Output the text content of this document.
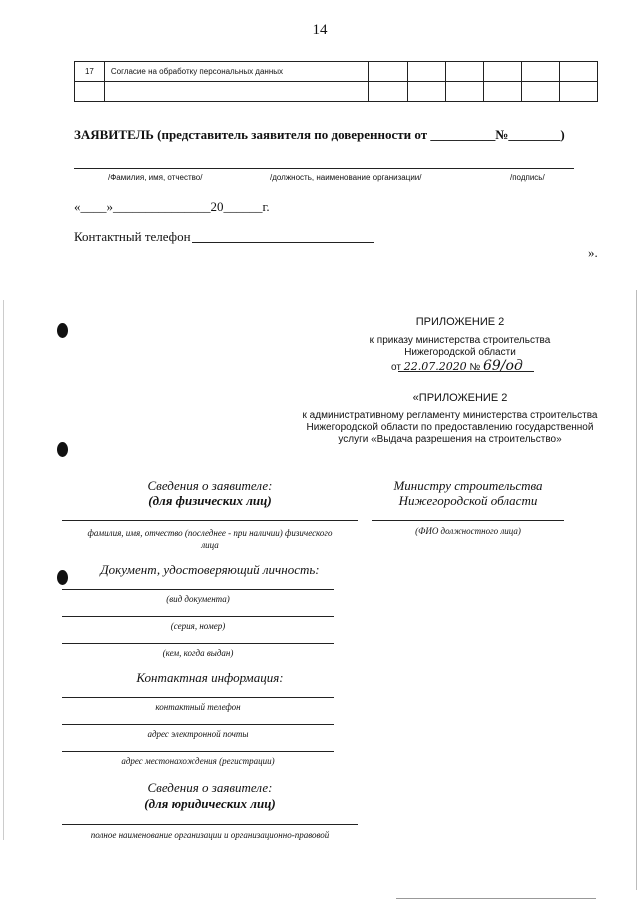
14
17	Согласие на обработку персональных данных						

ЗАЯВИТЕЛЬ (представитель заявителя по доверенности от __________№________)
/Фамилия, имя, отчество/	/должность, наименование организации/	/подпись/
«____»_______________20______г.
Контактный телефон
».
ПРИЛОЖЕНИЕ 2
к приказу министерства строительства
Нижегородской области
от 22.07.2020 № 69/од
«ПРИЛОЖЕНИЕ 2
к административному регламенту министерства строительства
Нижегородской области по предоставлению государственной
услуги «Выдача разрешения на строительство»
Сведения о заявителе:
(для физических лиц)
фамилия, имя, отчество (последнее - при наличии) физического
лица
Документ, удостоверяющий личность:
(вид документа)
(серия, номер)
(кем, когда выдан)
Контактная информация:
контактный телефон
адрес электронной почты
адрес местонахождения (регистрации)
Сведения о заявителе:
(для юридических лиц)
полное наименование организации и организационно-правовой
Министру строительства
Нижегородской области
(ФИО должностного лица)
